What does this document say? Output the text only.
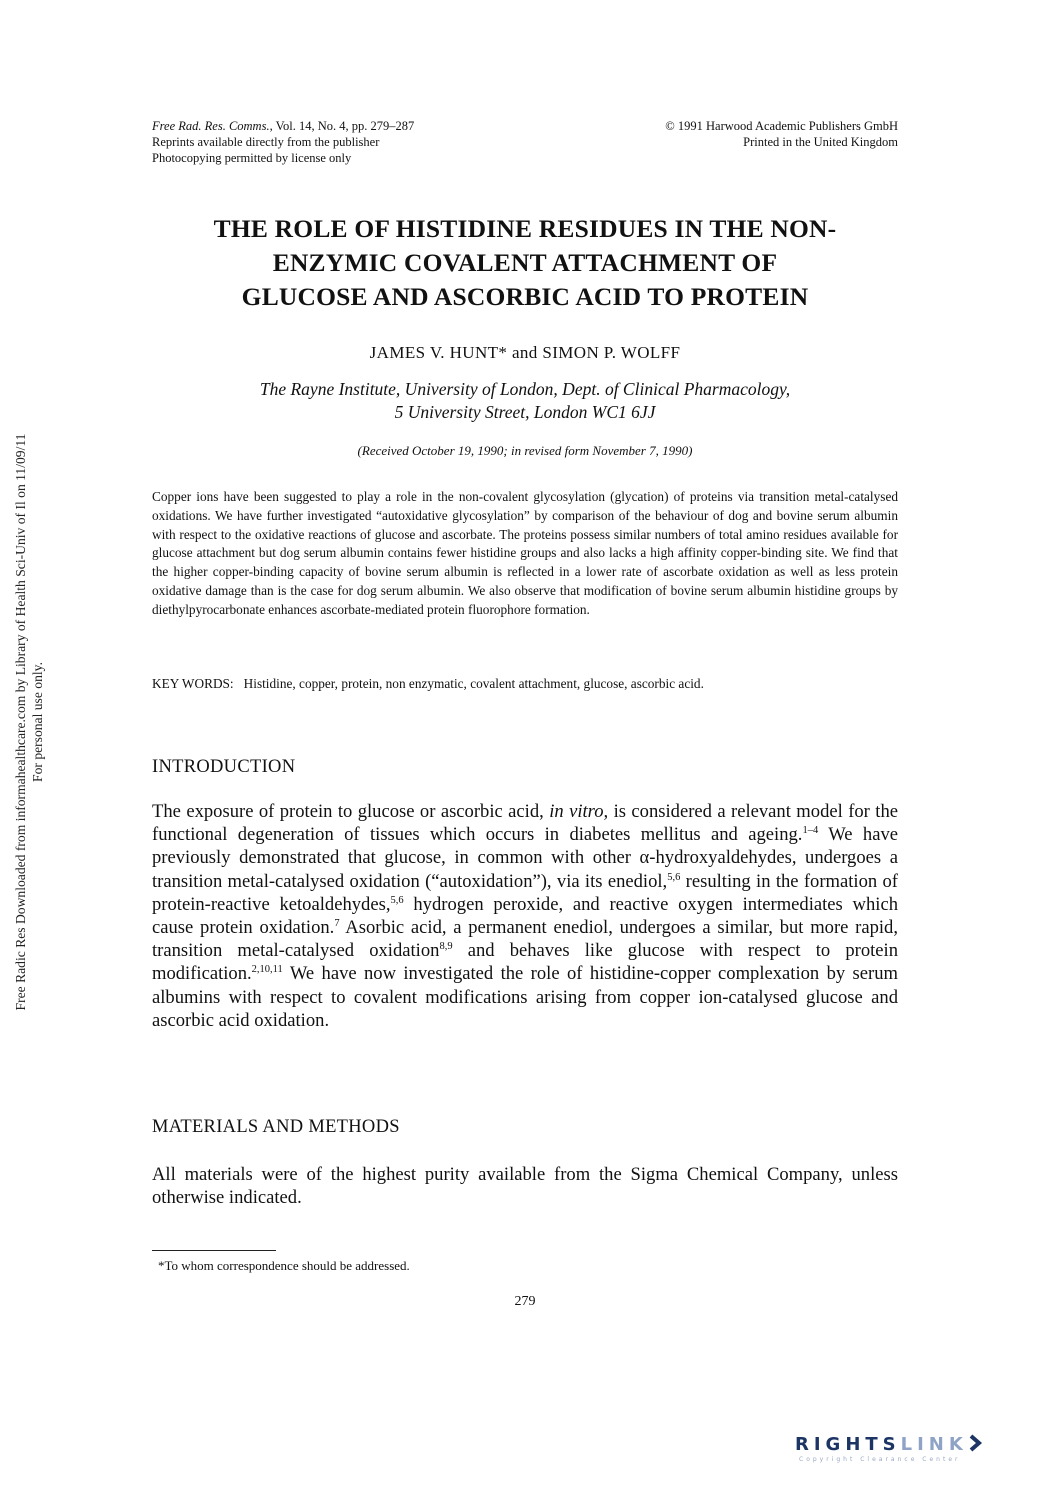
Free Rad. Res. Comms., Vol. 14, No. 4, pp. 279–287
Reprints available directly from the publisher
Photocopying permitted by license only
© 1991 Harwood Academic Publishers GmbH
Printed in the United Kingdom
THE ROLE OF HISTIDINE RESIDUES IN THE NON-
ENZYMIC COVALENT ATTACHMENT OF
GLUCOSE AND ASCORBIC ACID TO PROTEIN
JAMES V. HUNT* and SIMON P. WOLFF
The Rayne Institute, University of London, Dept. of Clinical Pharmacology,
5 University Street, London WC1 6JJ
(Received October 19, 1990; in revised form November 7, 1990)
Copper ions have been suggested to play a role in the non-covalent glycosylation (glycation) of proteins via transition metal-catalysed oxidations. We have further investigated “autoxidative glycosylation” by comparison of the behaviour of dog and bovine serum albumin with respect to the oxidative reactions of glucose and ascorbate. The proteins possess similar numbers of total amino residues available for glucose attachment but dog serum albumin contains fewer histidine groups and also lacks a high affinity copper-binding site. We find that the higher copper-binding capacity of bovine serum albumin is reflected in a lower rate of ascorbate oxidation as well as less protein oxidative damage than is the case for dog serum albumin. We also observe that modification of bovine serum albumin histidine groups by diethylpyrocarbonate enhances ascorbate-mediated protein fluorophore formation.
KEY WORDS: Histidine, copper, protein, non enzymatic, covalent attachment, glucose, ascorbic acid.
INTRODUCTION
The exposure of protein to glucose or ascorbic acid, in vitro, is considered a relevant model for the functional degeneration of tissues which occurs in diabetes mellitus and ageing.$^{1-4}$ We have previously demonstrated that glucose, in common with other α-hydroxyaldehydes, undergoes a transition metal-catalysed oxidation (“autoxidation”), via its enediol,$^{5,6}$ resulting in the formation of protein-reactive ketoaldehydes,$^{5,6}$ hydrogen peroxide, and reactive oxygen intermediates which cause protein oxidation.$^7$ Asorbic acid, a permanent enediol, undergoes a similar, but more rapid, transition metal-catalysed oxidation$^{8,9}$ and behaves like glucose with respect to protein modification.$^{2,10,11}$ We have now investigated the role of histidine-copper complexation by serum albumins with respect to covalent modifications arising from copper ion-catalysed glucose and ascorbic acid oxidation.
MATERIALS AND METHODS
All materials were of the highest purity available from the Sigma Chemical Company, unless otherwise indicated.
*To whom correspondence should be addressed.
279
Free Radic Res Downloaded from informahealthcare.com by Library of Health Sci-Univ of Il on 11/09/11 For personal use only.
RIGHTSLINK
Copyright Clearance Center
